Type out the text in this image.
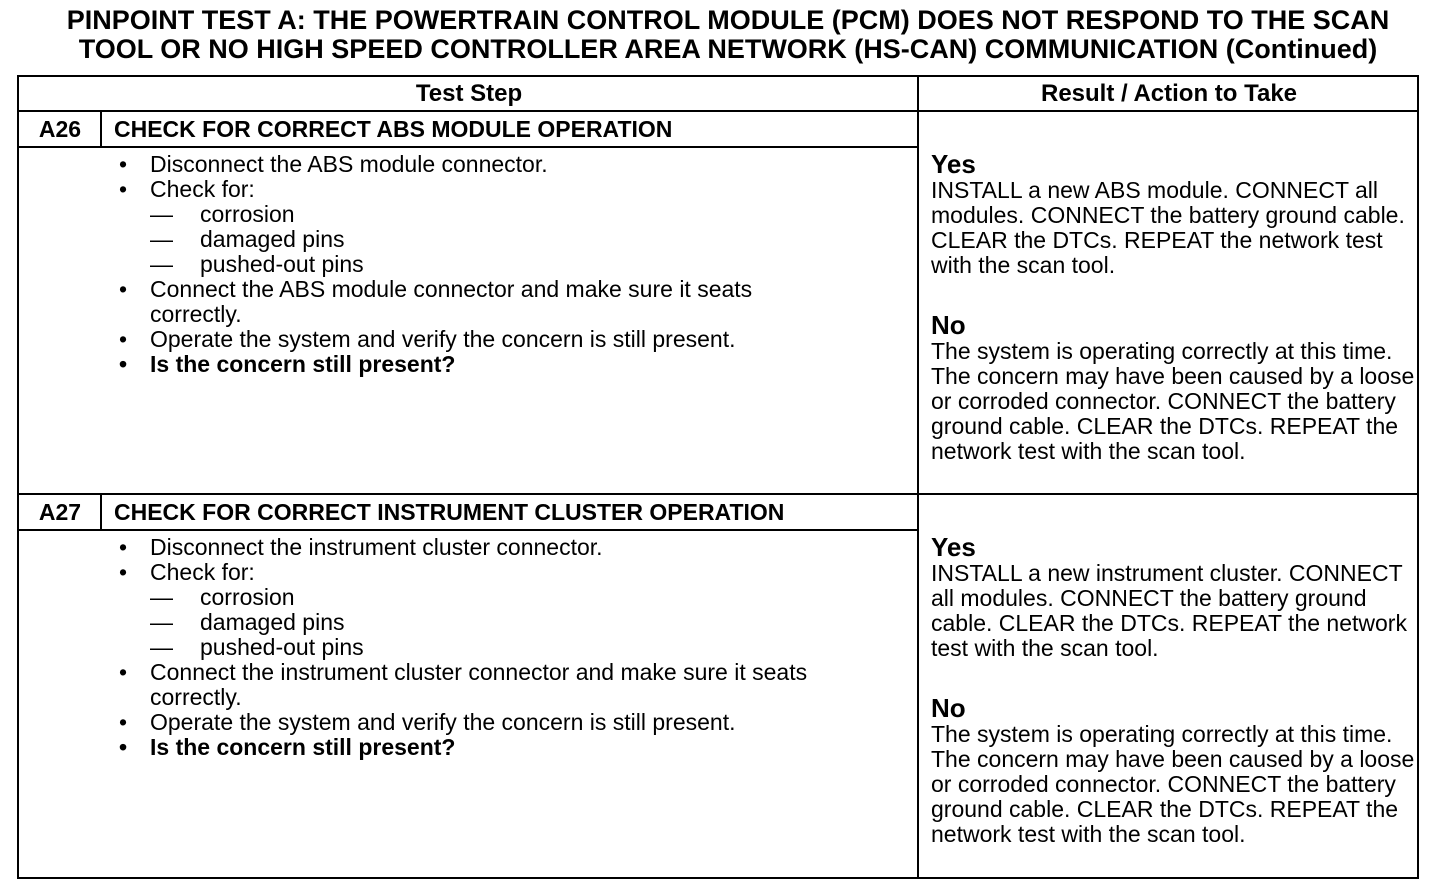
PINPOINT TEST A: THE POWERTRAIN CONTROL MODULE (PCM) DOES NOT RESPOND TO THE SCAN
TOOL OR NO HIGH SPEED CONTROLLER AREA NETWORK (HS-CAN) COMMUNICATION (Continued)
Test Step	Result / Action to Take
A26	CHECK FOR CORRECT ABS MODULE OPERATION
• Disconnect the ABS module connector.
• Check for:
— corrosion
— damaged pins
— pushed-out pins
• Connect the ABS module connector and make sure it seats
correctly.
• Operate the system and verify the concern is still present.
• Is the concern still present?
Yes
INSTALL a new ABS module. CONNECT all modules. CONNECT the battery ground cable. CLEAR the DTCs. REPEAT the network test with the scan tool.
No
The system is operating correctly at this time. The concern may have been caused by a loose or corroded connector. CONNECT the battery ground cable. CLEAR the DTCs. REPEAT the network test with the scan tool.
A27	CHECK FOR CORRECT INSTRUMENT CLUSTER OPERATION
• Disconnect the instrument cluster connector.
• Check for:
— corrosion
— damaged pins
— pushed-out pins
• Connect the instrument cluster connector and make sure it seats
correctly.
• Operate the system and verify the concern is still present.
• Is the concern still present?
Yes
INSTALL a new instrument cluster. CONNECT all modules. CONNECT the battery ground cable. CLEAR the DTCs. REPEAT the network test with the scan tool.
No
The system is operating correctly at this time. The concern may have been caused by a loose or corroded connector. CONNECT the battery ground cable. CLEAR the DTCs. REPEAT the network test with the scan tool.
